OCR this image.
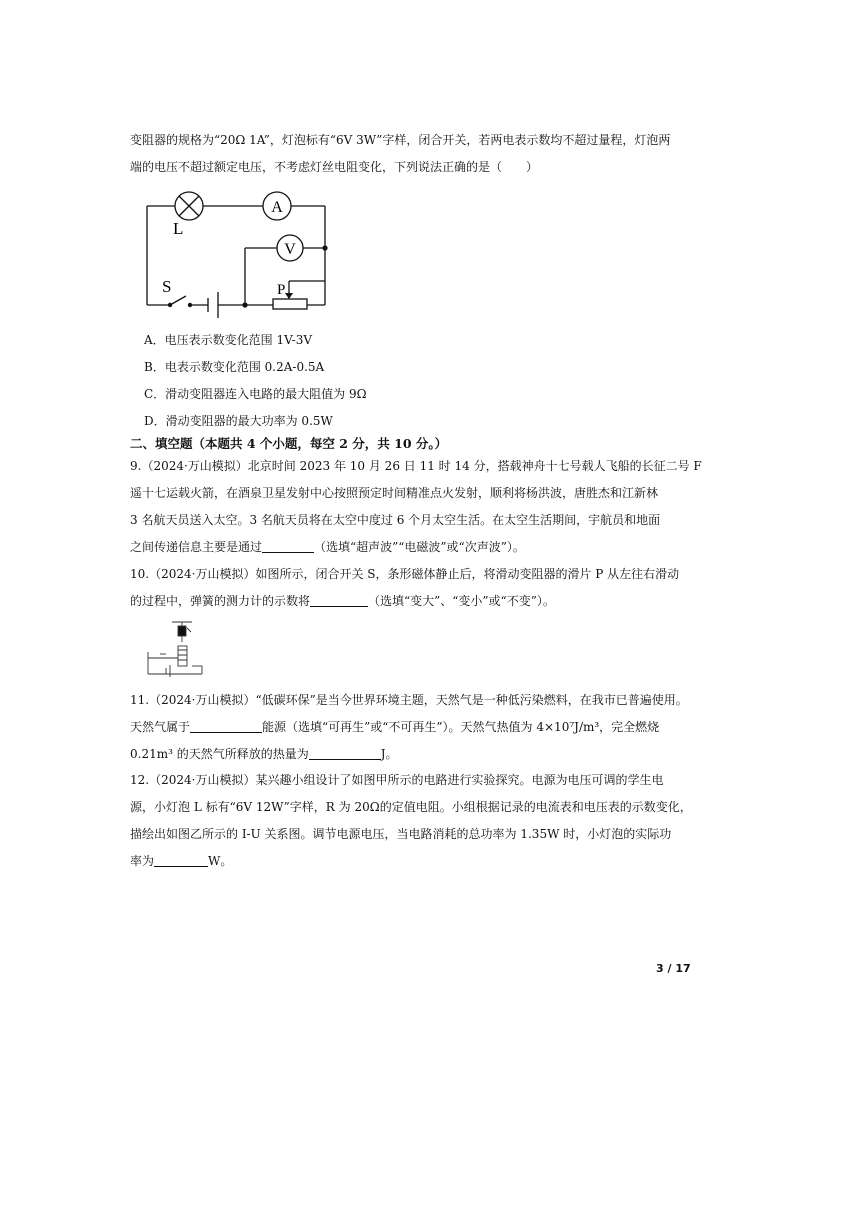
变阻器的规格为“20Ω 1A”，灯泡标有“6V 3W”字样，闭合开关，若两电表示数均不超过量程，灯泡两

端的电压不超过额定电压，不考虑灯丝电阻变化，下列说法正确的是（　　）

L
A
V
S	P

A．电压表示数变化范围 1V-3V

B．电表示数变化范围 0.2A-0.5A

C．滑动变阻器连入电路的最大阻值为 9Ω

D．滑动变阻器的最大功率为 0.5W

二、填空题（本题共 4 个小题，每空 2 分，共 10 分。）

9.（2024·万山模拟）北京时间 2023 年 10 月 26 日 11 时 14 分，搭载神舟十七号载人飞船的长征二号 F

遥十七运载火箭，在酒泉卫星发射中心按照预定时间精准点火发射，顺利将杨洪波，唐胜杰和江新林

3 名航天员送入太空。3 名航天员将在太空中度过 6 个月太空生活。在太空生活期间，宇航员和地面

之间传递信息主要是通过	（选填“超声波”“电磁波”或“次声波”）。

10.（2024·万山模拟）如图所示，闭合开关 S，条形磁体静止后，将滑动变阻器的滑片 P 从左往右滑动

的过程中，弹簧的测力计的示数将	（选填“变大”、“变小”或“不变”）。

11.（2024·万山模拟）“低碳环保”是当今世界环境主题，天然气是一种低污染燃料，在我市已普遍使用。

天然气属于	能源（选填“可再生”或“不可再生”）。天然气热值为 4×10⁷J/m³，完全燃烧

0.21m³ 的天然气所释放的热量为	J。

12.（2024·万山模拟）某兴趣小组设计了如图甲所示的电路进行实验探究。电源为电压可调的学生电

源，小灯泡 L 标有“6V 12W”字样，R 为 20Ω的定值电阻。小组根据记录的电流表和电压表的示数变化，

描绘出如图乙所示的 I-U 关系图。调节电源电压，当电路消耗的总功率为 1.35W 时，小灯泡的实际功

率为	W。

3 / 17
